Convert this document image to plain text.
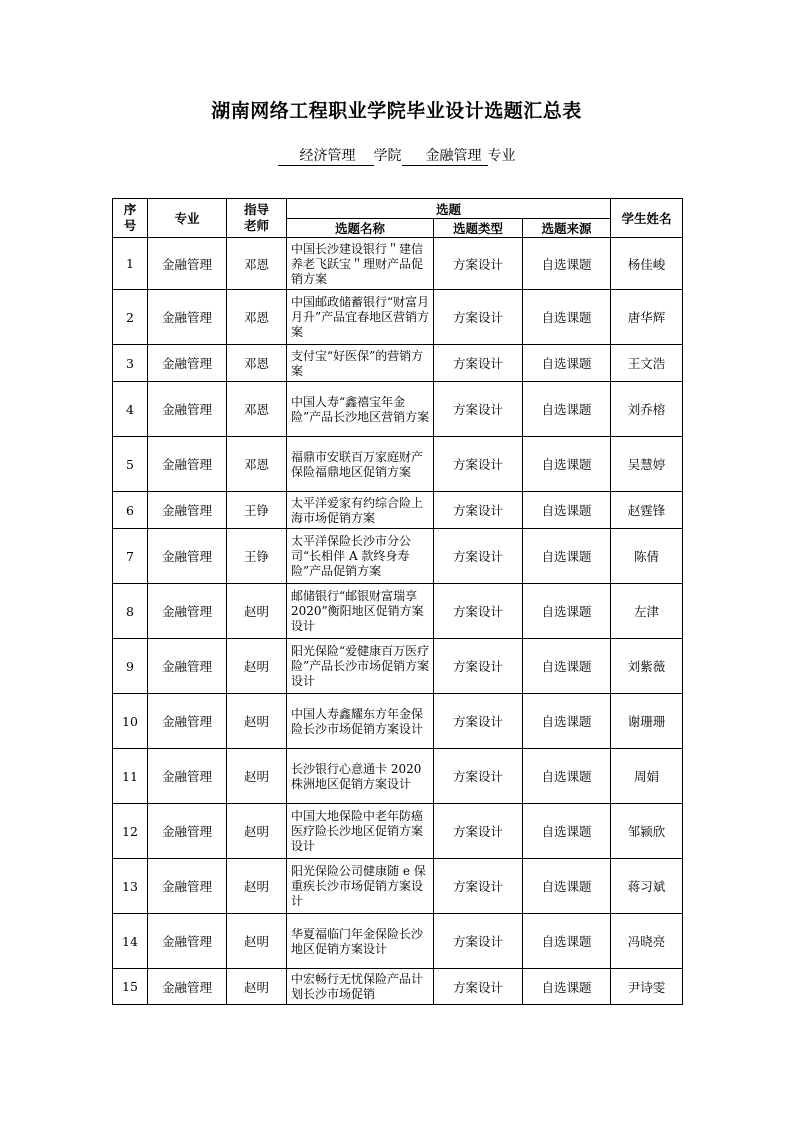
湖南网络工程职业学院毕业设计选题汇总表
经济管理 学院 金融管理 专业
序号	专业	指导老师	选题			学生姓名
			选题名称	选题类型	选题来源	
1	金融管理	邓恩	中国长沙建设银行＂建信养老飞跃宝＂理财产品促销方案	方案设计	自选课题	杨佳峻
2	金融管理	邓恩	中国邮政储蓄银行“财富月月升”产品宜春地区营销方案	方案设计	自选课题	唐华辉
3	金融管理	邓恩	支付宝“好医保”的营销方案	方案设计	自选课题	王文浩
4	金融管理	邓恩	中国人寿“鑫禧宝年金险”产品长沙地区营销方案	方案设计	自选课题	刘乔榕
5	金融管理	邓恩	福鼎市安联百万家庭财产保险福鼎地区促销方案	方案设计	自选课题	吴慧婷
6	金融管理	王铮	太平洋爱家有约综合险上海市场促销方案	方案设计	自选课题	赵霆锋
7	金融管理	王铮	太平洋保险长沙市分公司“长相伴 A 款终身寿险”产品促销方案	方案设计	自选课题	陈倩
8	金融管理	赵明	邮储银行“邮银财富瑞享 2020”衡阳地区促销方案设计	方案设计	自选课题	左津
9	金融管理	赵明	阳光保险“爱健康百万医疗险”产品长沙市场促销方案设计	方案设计	自选课题	刘紫薇
10	金融管理	赵明	中国人寿鑫耀东方年金保险长沙市场促销方案设计	方案设计	自选课题	谢珊珊
11	金融管理	赵明	长沙银行心意通卡 2020 株洲地区促销方案设计	方案设计	自选课题	周娟
12	金融管理	赵明	中国大地保险中老年防癌医疗险长沙地区促销方案设计	方案设计	自选课题	邹颍欣
13	金融管理	赵明	阳光保险公司健康随 e 保重疾长沙市场促销方案设计	方案设计	自选课题	蒋习斌
14	金融管理	赵明	华夏福临门年金保险长沙地区促销方案设计	方案设计	自选课题	冯晓亮
15	金融管理	赵明	中宏畅行无忧保险产品计划长沙市场促销	方案设计	自选课题	尹诗雯
